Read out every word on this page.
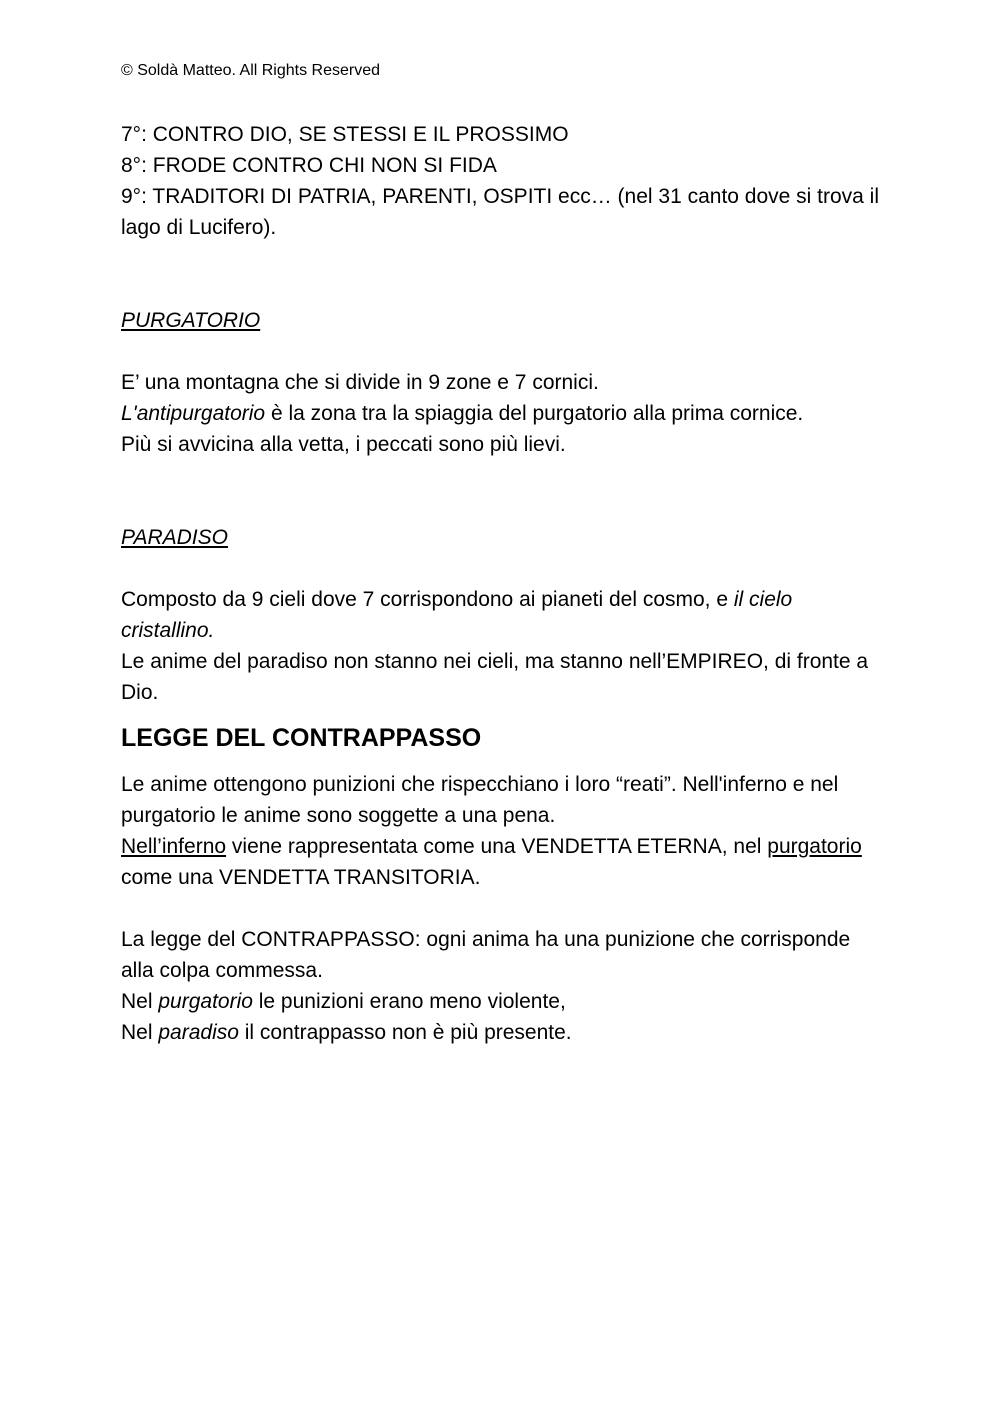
© Soldà Matteo. All Rights Reserved

7°: CONTRO DIO, SE STESSI E IL PROSSIMO

8°: FRODE CONTRO CHI NON SI FIDA

9°: TRADITORI DI PATRIA, PARENTI, OSPITI ecc… (nel 31 canto dove si trova il lago di Lucifero).

PURGATORIO

E’ una montagna che si divide in 9 zone e 7 cornici.

L'antipurgatorio è la zona tra la spiaggia del purgatorio alla prima cornice.

Più si avvicina alla vetta, i peccati sono più lievi.

PARADISO

Composto da 9 cieli dove 7 corrispondono ai pianeti del cosmo, e il cielo cristallino.

Le anime del paradiso non stanno nei cieli, ma stanno nell’EMPIREO, di fronte a Dio.

LEGGE DEL CONTRAPPASSO

Le anime ottengono punizioni che rispecchiano i loro “reati”. Nell'inferno e nel purgatorio le anime sono soggette a una pena.

Nell’inferno viene rappresentata come una VENDETTA ETERNA, nel purgatorio come una VENDETTA TRANSITORIA.

La legge del CONTRAPPASSO: ogni anima ha una punizione che corrisponde alla colpa commessa.

Nel purgatorio le punizioni erano meno violente,

Nel paradiso il contrappasso non è più presente.
